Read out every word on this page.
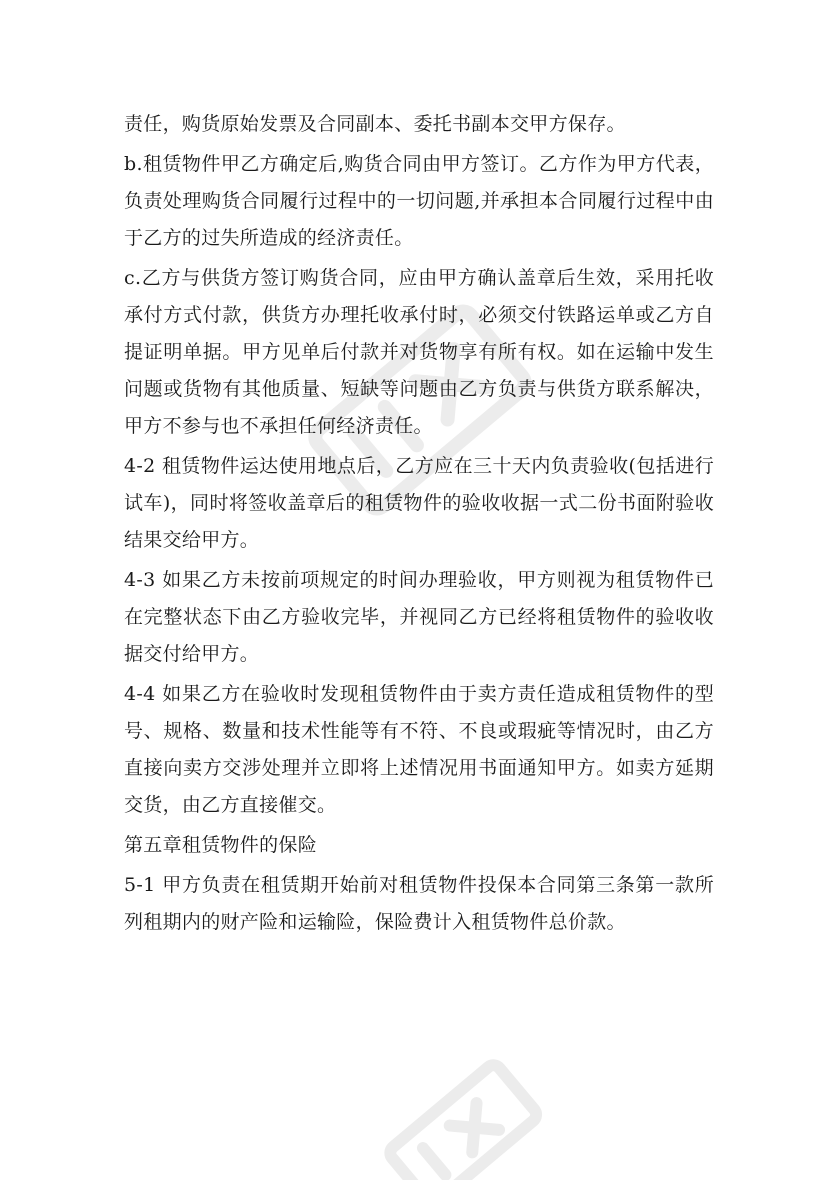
责任，购货原始发票及合同副本、委托书副本交甲方保存。

b.租赁物件甲乙方确定后,购货合同由甲方签订。乙方作为甲方代表，负责处理购货合同履行过程中的一切问题,并承担本合同履行过程中由于乙方的过失所造成的经济责任。

c.乙方与供货方签订购货合同，应由甲方确认盖章后生效，采用托收承付方式付款，供货方办理托收承付时，必须交付铁路运单或乙方自提证明单据。甲方见单后付款并对货物享有所有权。如在运输中发生问题或货物有其他质量、短缺等问题由乙方负责与供货方联系解决，甲方不参与也不承担任何经济责任。

4-2 租赁物件运达使用地点后，乙方应在三十天内负责验收(包括进行试车)，同时将签收盖章后的租赁物件的验收收据一式二份书面附验收结果交给甲方。

4-3 如果乙方未按前项规定的时间办理验收，甲方则视为租赁物件已在完整状态下由乙方验收完毕，并视同乙方已经将租赁物件的验收收据交付给甲方。

4-4 如果乙方在验收时发现租赁物件由于卖方责任造成租赁物件的型号、规格、数量和技术性能等有不符、不良或瑕疵等情况时，由乙方直接向卖方交涉处理并立即将上述情况用书面通知甲方。如卖方延期交货，由乙方直接催交。

第五章租赁物件的保险

5-1 甲方负责在租赁期开始前对租赁物件投保本合同第三条第一款所列租期内的财产险和运输险，保险费计入租赁物件总价款。
